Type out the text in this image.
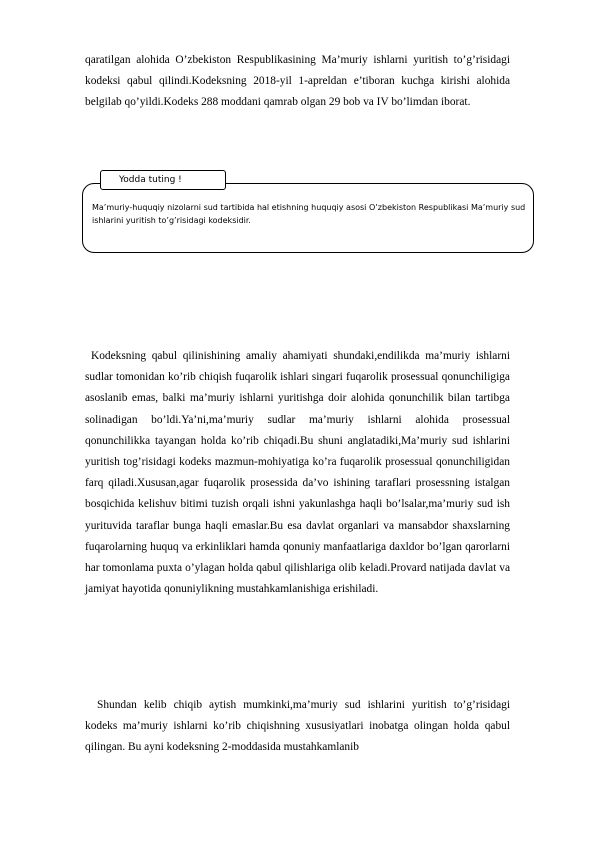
qaratilgan alohida O’zbekiston Respublikasining Ma’muriy ishlarni yuritish to’g’risidagi kodeksi qabul qilindi.Kodeksning 2018-yil 1-apreldan e’tiboran kuchga kirishi alohida belgilab qo’yildi.Kodeks 288 moddani qamrab olgan 29 bob va IV bo’limdan iborat.

Yodda tuting !

Ma’muriy-huquqiy nizolarni sud tartibida hal etishning huquqiy asosi O’zbekiston Respublikasi Ma’muriy sud ishlarini yuritish to’g’risidagi kodeksidir.

Kodeksning qabul qilinishining amaliy ahamiyati shundaki,endilikda ma’muriy ishlarni sudlar tomonidan ko’rib chiqish fuqarolik ishlari singari fuqarolik prosessual qonunchiligiga asoslanib emas, balki ma’muriy ishlarni yuritishga doir alohida qonunchilik bilan tartibga solinadigan bo’ldi.Ya’ni,ma’muriy sudlar ma’muriy ishlarni alohida prosessual qonunchilikka tayangan holda ko’rib chiqadi.Bu shuni anglatadiki,Ma’muriy sud ishlarini yuritish tog’risidagi kodeks mazmun-mohiyatiga ko’ra fuqarolik prosessual qonunchiligidan farq qiladi.Xususan,agar fuqarolik prosessida da’vo ishining taraflari prosessning istalgan bosqichida kelishuv bitimi tuzish orqali ishni yakunlashga haqli bo’lsalar,ma’muriy sud ish yurituvida taraflar bunga haqli emaslar.Bu esa davlat organlari va mansabdor shaxslarning fuqarolarning huquq va erkinliklari hamda qonuniy manfaatlariga daxldor bo’lgan qarorlarni har tomonlama puxta o’ylagan holda qabul qilishlariga olib keladi.Provard natijada davlat va jamiyat hayotida qonuniylikning mustahkamlanishiga erishiladi.

Shundan kelib chiqib aytish mumkinki,ma’muriy sud ishlarini yuritish to’g’risidagi kodeks ma’muriy ishlarni ko’rib chiqishning xususiyatlari inobatga olingan holda qabul qilingan. Bu ayni kodeksning 2-moddasida mustahkamlanib
